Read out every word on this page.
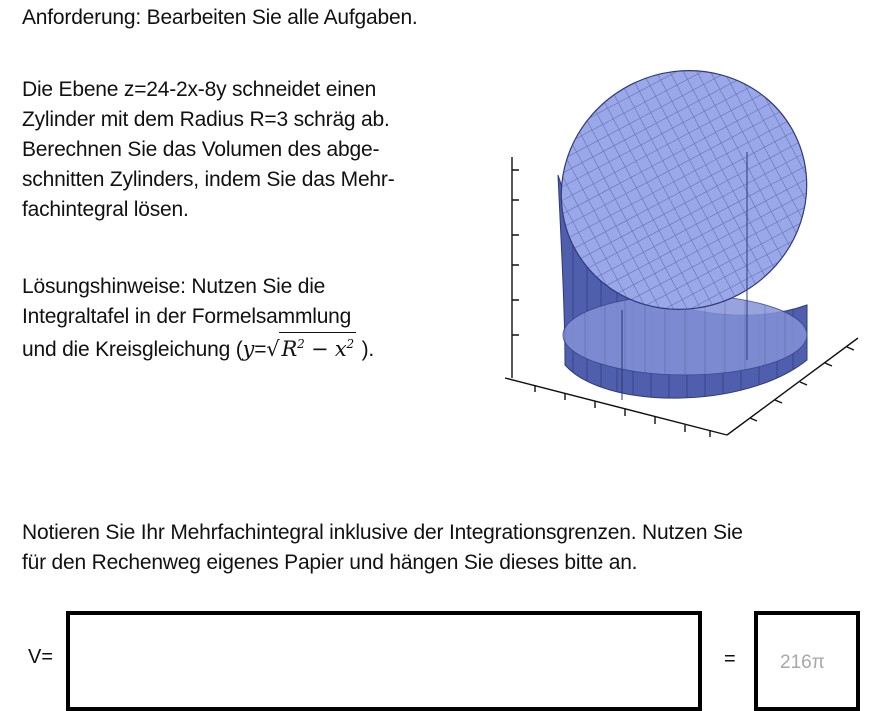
Anforderung: Bearbeiten Sie alle Aufgaben.
Die Ebene z=24-2x-8y schneidet einen
Zylinder mit dem Radius R=3 schräg ab.
Berechnen Sie das Volumen des abge-
schnitten Zylinders, indem Sie das Mehr-
fachintegral lösen.
Lösungshinweise: Nutzen Sie die
Integraltafel in der Formelsammlung
und die Kreisgleichung ($y=√R^2 - x^2$ ).
Notieren Sie Ihr Mehrfachintegral inklusive der Integrationsgrenzen. Nutzen Sie
für den Rechenweg eigenes Papier und hängen Sie dieses bitte an.
V=	= 216π
